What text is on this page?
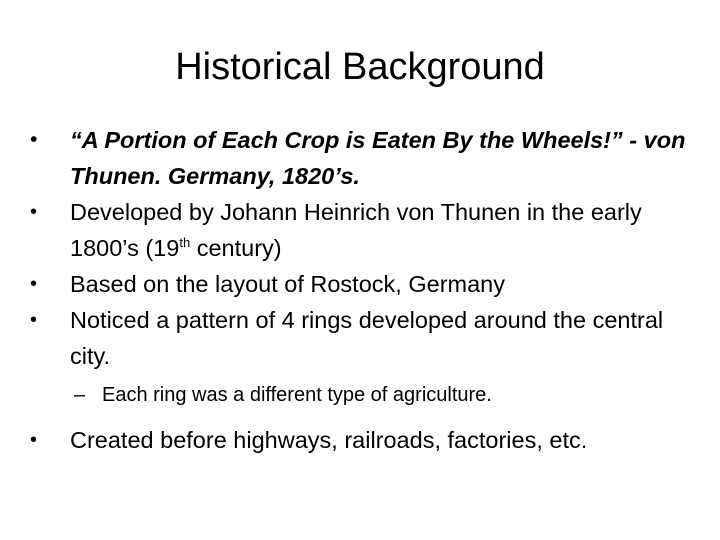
Historical Background

•	“A Portion of Each Crop is Eaten By the Wheels!” - von Thunen. Germany, 1820’s.

•	Developed by Johann Heinrich von Thunen in the early 1800’s (19th century)

•	Based on the layout of Rostock, Germany

•	Noticed a pattern of 4 rings developed around the central city.

– Each ring was a different type of agriculture.

•	Created before highways, railroads, factories, etc.
